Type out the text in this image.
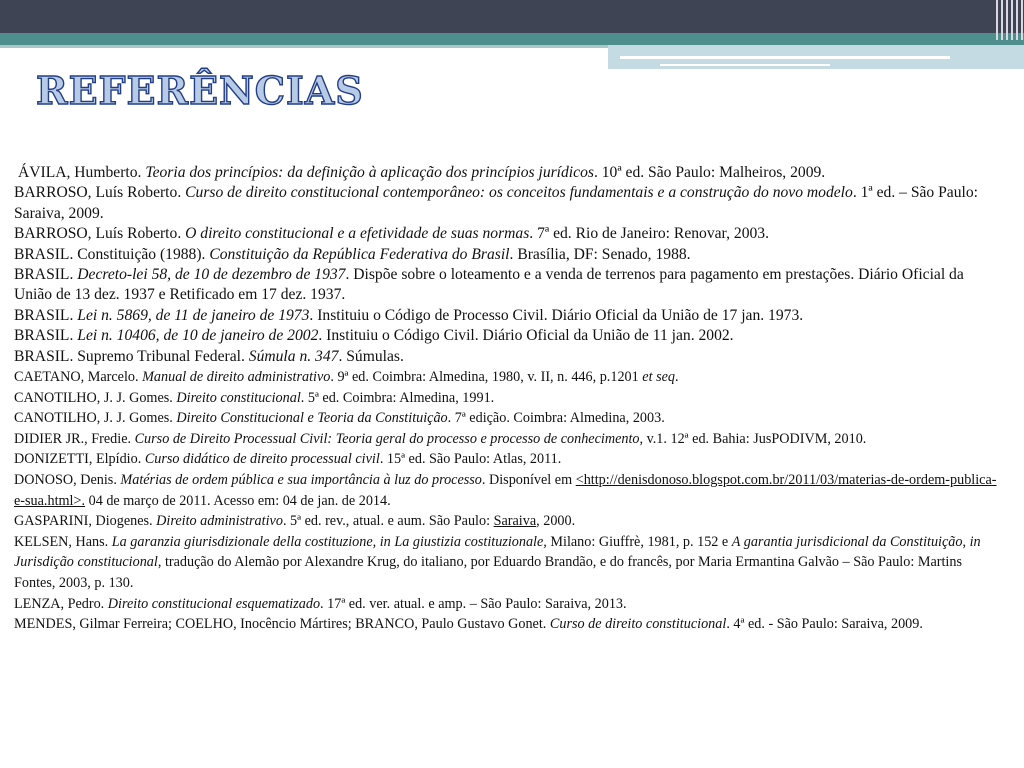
REFERÊNCIAS

ÁVILA, Humberto. Teoria dos princípios: da definição à aplicação dos princípios jurídicos. 10ª ed. São Paulo: Malheiros, 2009.

BARROSO, Luís Roberto. Curso de direito constitucional contemporâneo: os conceitos fundamentais e a construção do novo modelo. 1ª ed. – São Paulo: Saraiva, 2009.

BARROSO, Luís Roberto. O direito constitucional e a efetividade de suas normas. 7ª ed. Rio de Janeiro: Renovar, 2003.

BRASIL. Constituição (1988). Constituição da República Federativa do Brasil. Brasília, DF: Senado, 1988.

BRASIL. Decreto-lei 58, de 10 de dezembro de 1937. Dispõe sobre o loteamento e a venda de terrenos para pagamento em prestações. Diário Oficial da União de 13 dez. 1937 e Retificado em 17 dez. 1937.

BRASIL. Lei n. 5869, de 11 de janeiro de 1973. Instituiu o Código de Processo Civil. Diário Oficial da União de 17 jan. 1973.

BRASIL. Lei n. 10406, de 10 de janeiro de 2002. Instituiu o Código Civil. Diário Oficial da União de 11 jan. 2002.

BRASIL. Supremo Tribunal Federal. Súmula n. 347. Súmulas.

CAETANO, Marcelo. Manual de direito administrativo. 9ª ed. Coimbra: Almedina, 1980, v. II, n. 446, p.1201 et seq.

CANOTILHO, J. J. Gomes. Direito constitucional. 5ª ed. Coimbra: Almedina, 1991.

CANOTILHO, J. J. Gomes. Direito Constitucional e Teoria da Constituição. 7ª edição. Coimbra: Almedina, 2003.

DIDIER JR., Fredie. Curso de Direito Processual Civil: Teoria geral do processo e processo de conhecimento, v.1. 12ª ed. Bahia: JusPODIVM, 2010.

DONIZETTI, Elpídio. Curso didático de direito processual civil. 15ª ed. São Paulo: Atlas, 2011.

DONOSO, Denis. Matérias de ordem pública e sua importância à luz do processo. Disponível em <http://denisdonoso.blogspot.com.br/2011/03/materias-de-ordem-publica-e-sua.html>. 04 de março de 2011. Acesso em: 04 de jan. de 2014.

GASPARINI, Diogenes. Direito administrativo. 5ª ed. rev., atual. e aum. São Paulo: Saraiva, 2000.

KELSEN, Hans. La garanzia giurisdizionale della costituzione, in La giustizia costituzionale, Milano: Giuffrè, 1981, p. 152 e A garantia jurisdicional da Constituição, in Jurisdição constitucional, tradução do Alemão por Alexandre Krug, do italiano, por Eduardo Brandão, e do francês, por Maria Ermantina Galvão – São Paulo: Martins Fontes, 2003, p. 130.

LENZA, Pedro. Direito constitucional esquematizado. 17ª ed. ver. atual. e amp. – São Paulo: Saraiva, 2013.

MENDES, Gilmar Ferreira; COELHO, Inocêncio Mártires; BRANCO, Paulo Gustavo Gonet. Curso de direito constitucional. 4ª ed. - São Paulo: Saraiva, 2009.
